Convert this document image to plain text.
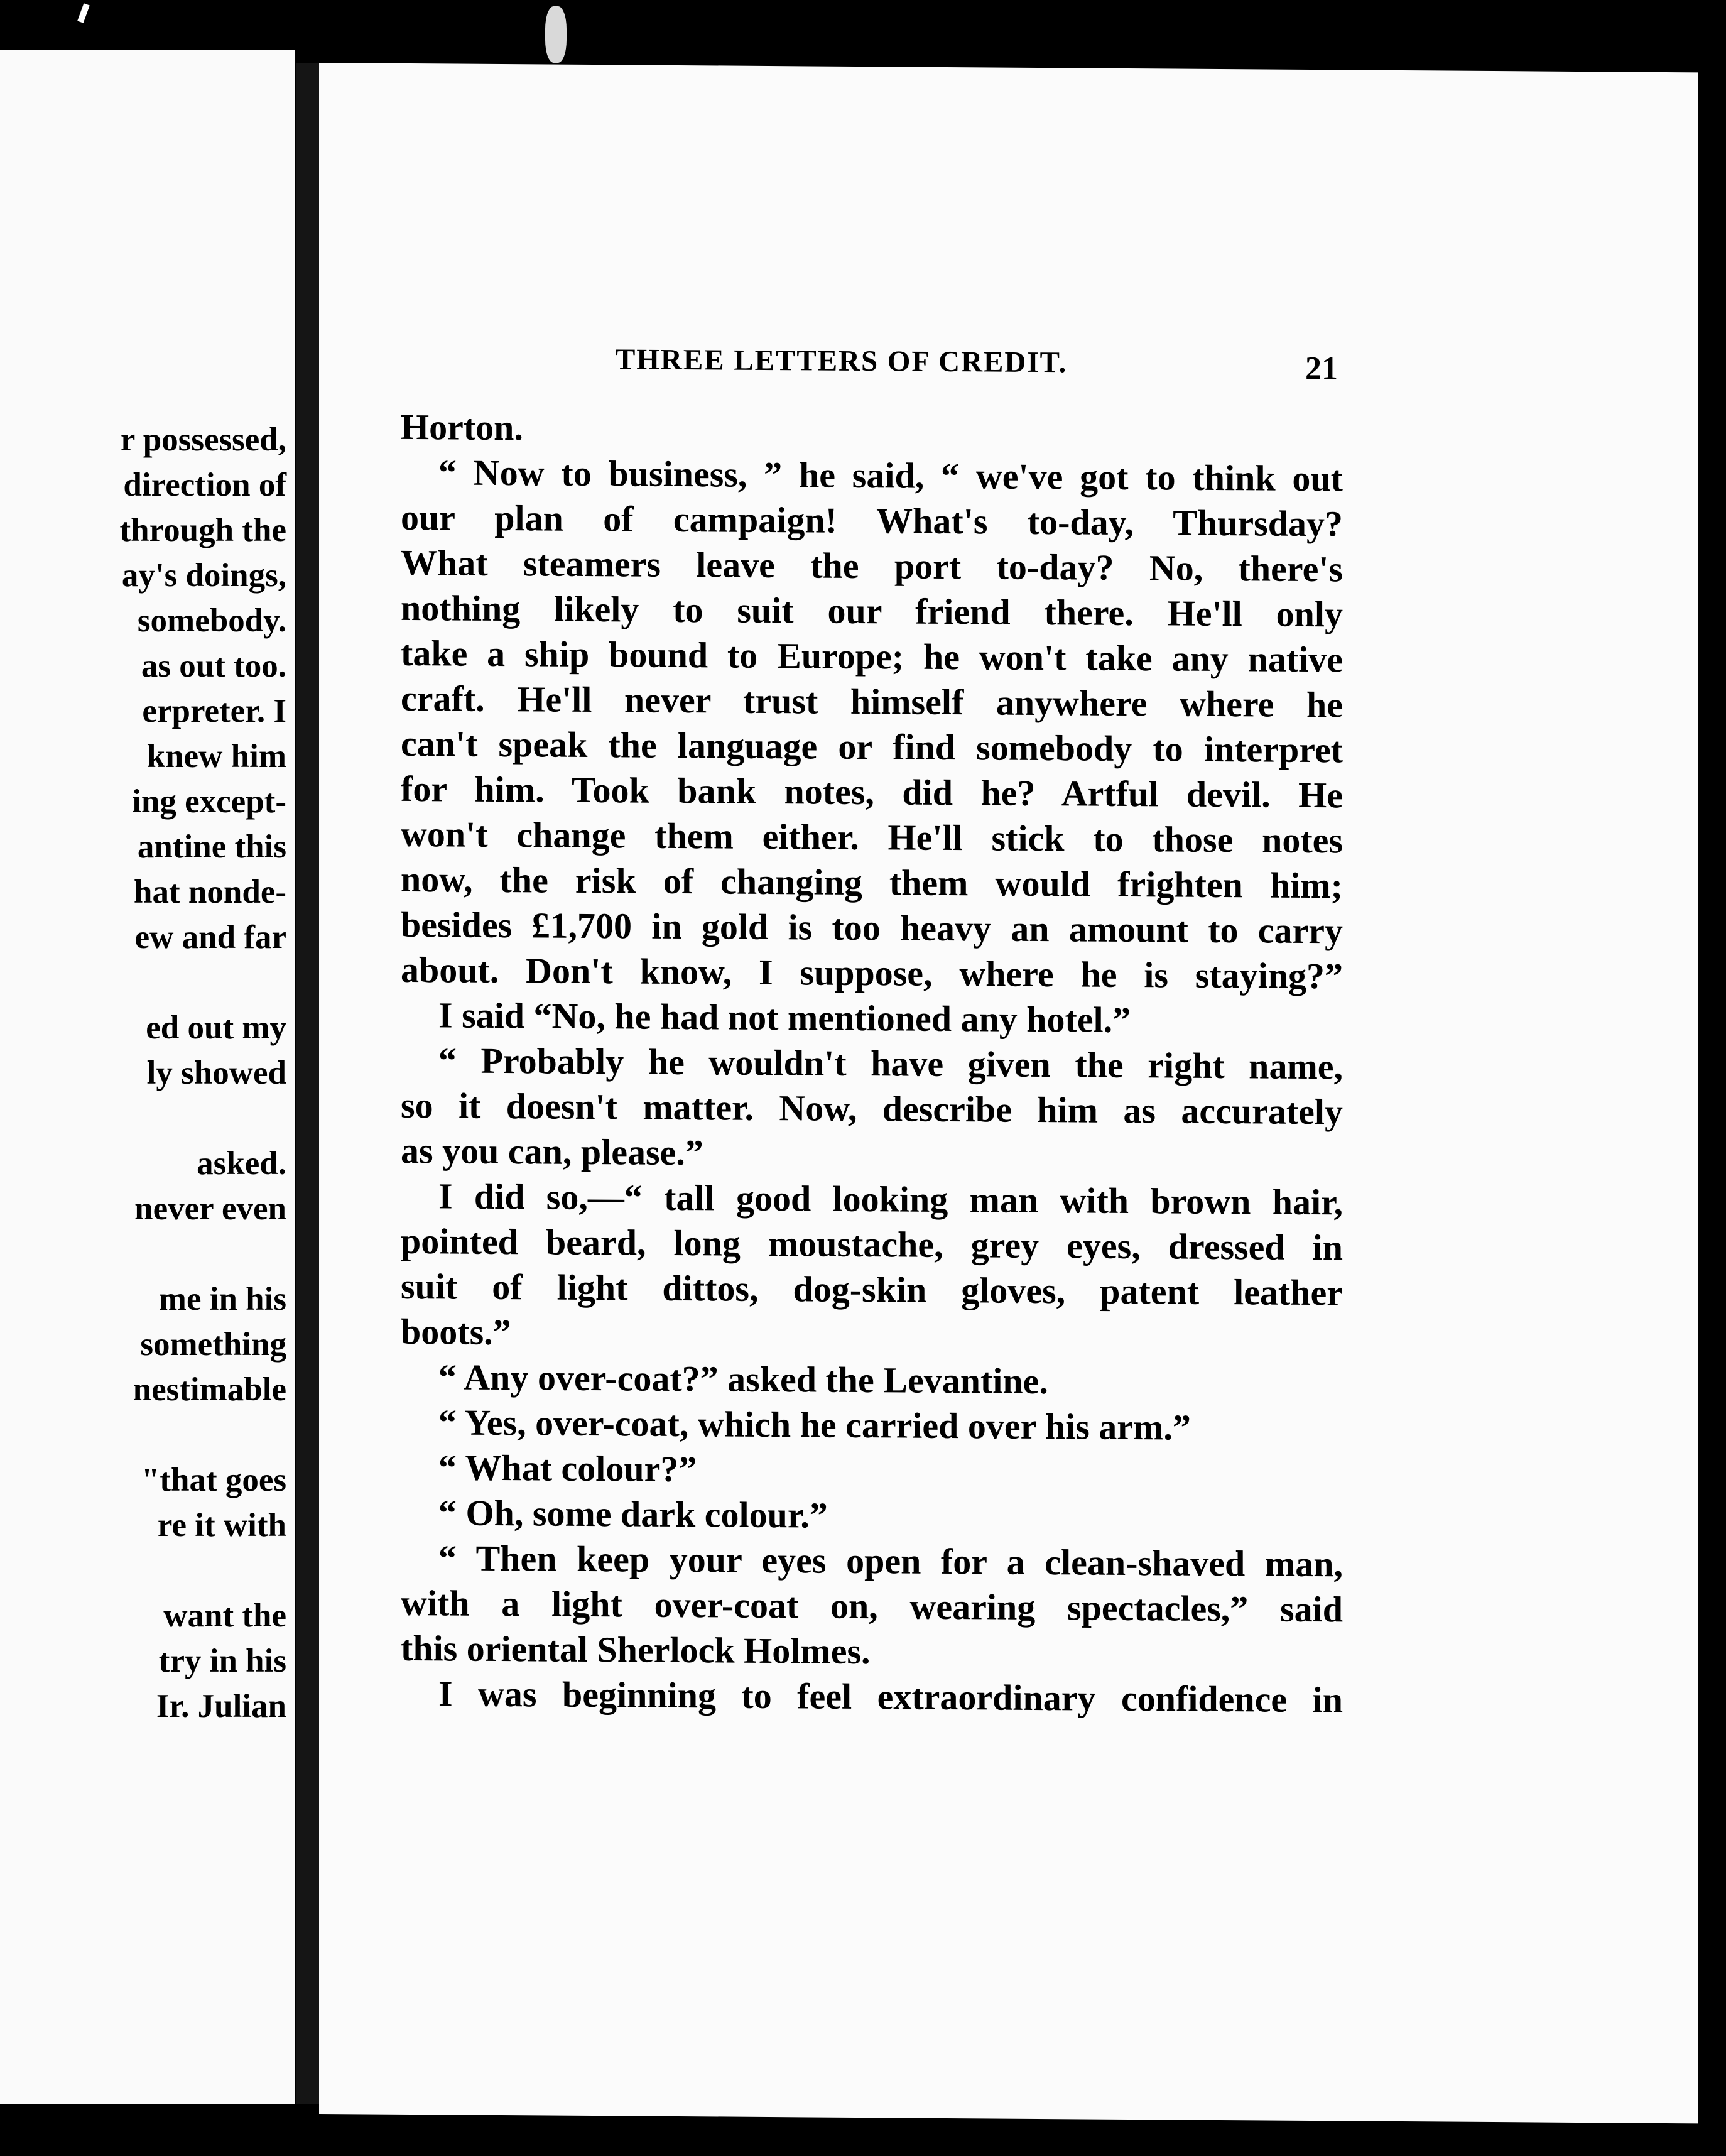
r possessed,
direction of
through the
ay's doings,
somebody.
as out too.
erpreter. I
knew him
ing except-
antine this
hat nonde-
ew and far
ed out my
ly showed
asked.
never even
me in his
something
nestimable
"that goes
re it with
want the
try in his
Ir. Julian
THREE LETTERS OF CREDIT.	21
Horton.
“ Now to business, ” he said, “ we've got to think out
our plan of campaign! What's to-day, Thursday?
What steamers leave the port to-day? No, there's
nothing likely to suit our friend there. He'll only
take a ship bound to Europe; he won't take any native
craft. He'll never trust himself anywhere where he
can't speak the language or find somebody to interpret
for him. Took bank notes, did he? Artful devil. He
won't change them either. He'll stick to those notes
now, the risk of changing them would frighten him;
besides £1,700 in gold is too heavy an amount to carry
about. Don't know, I suppose, where he is staying?”
I said “No, he had not mentioned any hotel.”
“ Probably he wouldn't have given the right name,
so it doesn't matter. Now, describe him as accurately
as you can, please.”
I did so,—“ tall good looking man with brown hair,
pointed beard, long moustache, grey eyes, dressed in
suit of light dittos, dog-skin gloves, patent leather
boots.”
“ Any over-coat?” asked the Levantine.
“ Yes, over-coat, which he carried over his arm.”
“ What colour?”
“ Oh, some dark colour.”
“ Then keep your eyes open for a clean-shaved man,
with a light over-coat on, wearing spectacles,” said
this oriental Sherlock Holmes.
I was beginning to feel extraordinary confidence in
